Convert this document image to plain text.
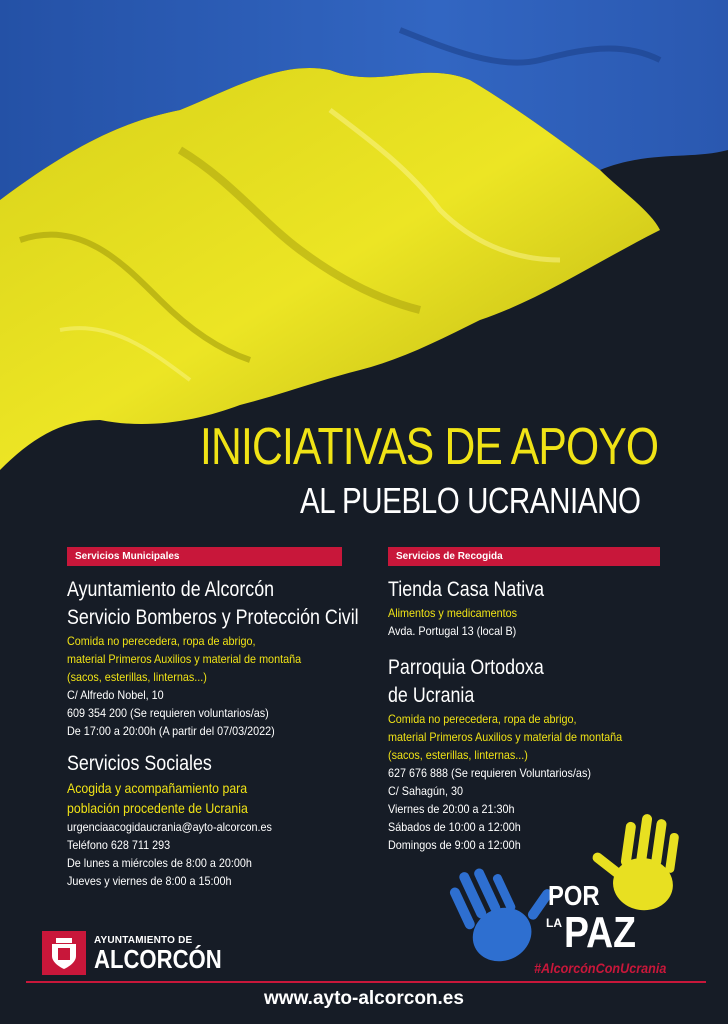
INICIATIVAS DE APOYO
AL PUEBLO UCRANIANO
Servicios Municipales
Ayuntamiento de Alcorcón
Servicio Bomberos y Protección Civil
Comida no perecedera, ropa de abrigo,
material Primeros Auxilios y material de montaña
(sacos, esterillas, linternas...)
C/ Alfredo Nobel, 10
609 354 200 (Se requieren voluntarios/as)
De 17:00 a 20:00h (A partir del 07/03/2022)
Servicios Sociales
Acogida y acompañamiento para
población procedente de Ucrania
urgenciaacogidaucrania@ayto-alcorcon.es
Teléfono 628 711 293
De lunes a miércoles de 8:00 a 20:00h
Jueves y viernes de 8:00 a 15:00h
Servicios de Recogida
Tienda Casa Nativa
Alimentos y medicamentos
Avda. Portugal 13 (local B)
Parroquia Ortodoxa
de Ucrania
Comida no perecedera, ropa de abrigo,
material Primeros Auxilios y material de montaña
(sacos, esterillas, linternas...)
627 676 888 (Se requieren Voluntarios/as)
C/ Sahagún, 30
Viernes de 20:00 a 21:30h
Sábados de 10:00 a 12:00h
Domingos de 9:00 a 12:00h
POR
LA PAZ
#AlcorcónConUcrania
AYUNTAMIENTO DE
ALCORCÓN
www.ayto-alcorcon.es
